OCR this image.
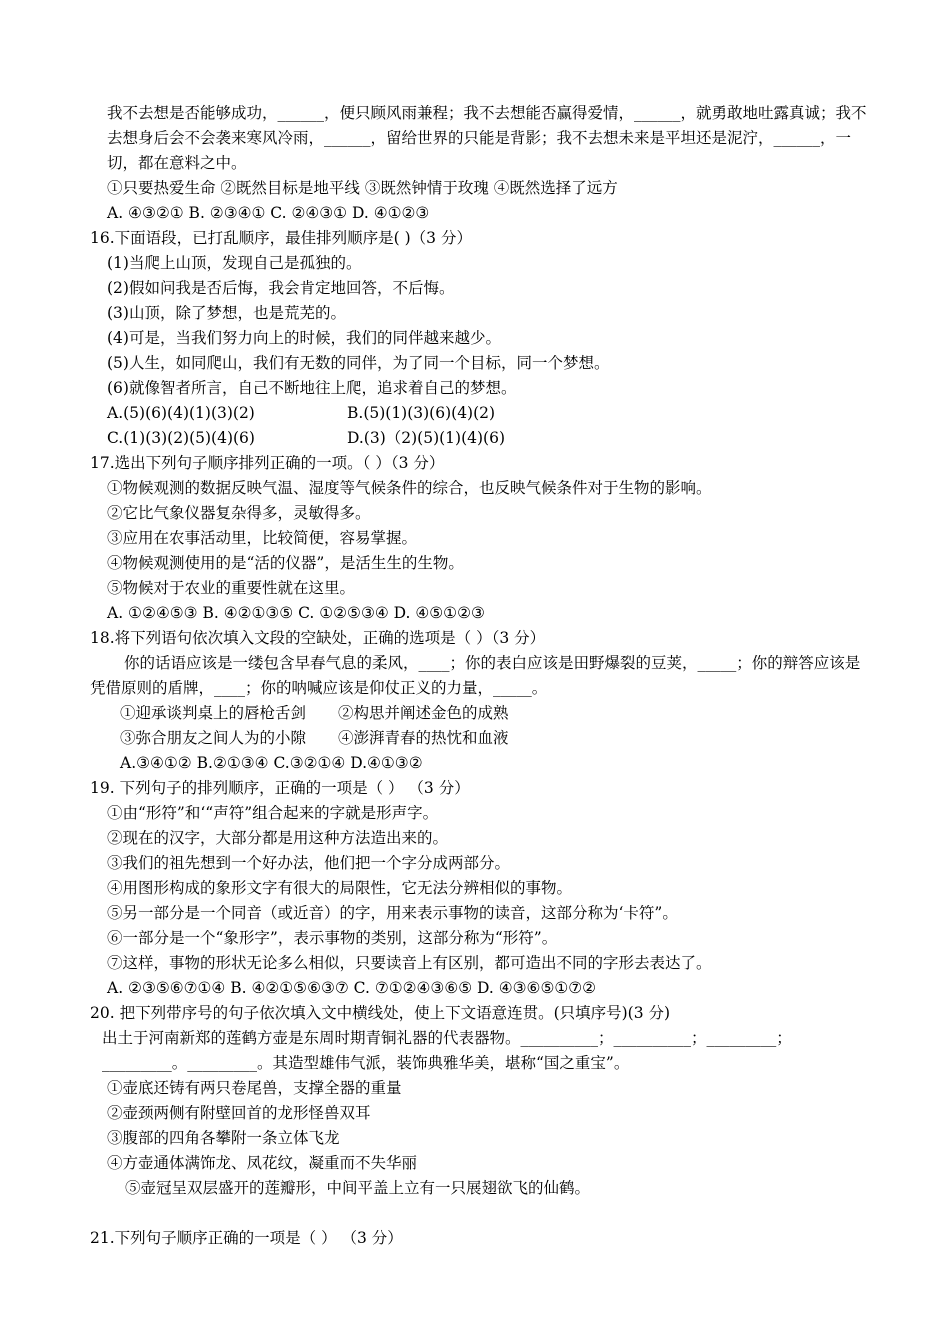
我不去想是否能够成功，______，便只顾风雨兼程；我不去想能否赢得爱情，______，就勇敢地吐露真诚；我不去想身后会不会袭来寒风冷雨，______，留给世界的只能是背影；我不去想未来是平坦还是泥泞，______，一切，都在意料之中。
①只要热爱生命 ②既然目标是地平线 ③既然钟情于玫瑰 ④既然选择了远方
A. ④③②① B. ②③④① C. ②④③① D. ④①②③
16.下面语段，已打乱顺序，最佳排列顺序是( )（3 分）
(1)当爬上山顶，发现自己是孤独的。
(2)假如问我是否后悔，我会肯定地回答，不后悔。
(3)山顶，除了梦想，也是荒芜的。
(4)可是，当我们努力向上的时候，我们的同伴越来越少。
(5)人生，如同爬山，我们有无数的同伴，为了同一个目标，同一个梦想。
(6)就像智者所言，自己不断地往上爬，追求着自己的梦想。
A.(5)(6)(4)(1)(3)(2)	B.(5)(1)(3)(6)(4)(2)
C.(1)(3)(2)(5)(4)(6)	D.(3)（2)(5)(1)(4)(6)
17.选出下列句子顺序排列正确的一项。（ ）（3 分）
①物候观测的数据反映气温、湿度等气候条件的综合，也反映气候条件对于生物的影响。
②它比气象仪器复杂得多，灵敏得多。
③应用在农事活动里，比较简便，容易掌握。
④物候观测使用的是“活的仪器”，是活生生的生物。
⑤物候对于农业的重要性就在这里。
A. ①②④⑤③ B. ④②①③⑤ C. ①②⑤③④ D. ④⑤①②③
18.将下列语句依次填入文段的空缺处，正确的选项是（ ）（3 分）
你的话语应该是一缕包含早春气息的柔风，____；你的表白应该是田野爆裂的豆荚，_____；你的辩答应该是凭借原则的盾牌，____；你的呐喊应该是仰仗正义的力量，_____。
①迎承谈判桌上的唇枪舌剑	②构思并阐述金色的成熟
③弥合朋友之间人为的小隙	④澎湃青春的热忱和血液
A.③④①② B.②①③④ C.③②①④ D.④①③②
19. 下列句子的排列顺序，正确的一项是（ ） （3 分）
①由“形符”和‘“声符”组合起来的字就是形声字。
②现在的汉字，大部分都是用这种方法造出来的。
③我们的祖先想到一个好办法，他们把一个字分成两部分。
④用图形构成的象形文字有很大的局限性，它无法分辨相似的事物。
⑤另一部分是一个同音（或近音）的字，用来表示事物的读音，这部分称为‘卡符”。
⑥一部分是一个“象形字”，表示事物的类别，这部分称为“形符”。
⑦这样，事物的形状无论多么相似，只要读音上有区别，都可造出不同的字形去表达了。
A. ②③⑤⑥⑦①④ B. ④②①⑤⑥③⑦ C. ⑦①②④③⑥⑤ D. ④③⑥⑤①⑦②
20. 把下列带序号的句子依次填入文中横线处，使上下文语意连贯。(只填序号)(3 分)
出土于河南新郑的莲鹤方壶是东周时期青铜礼器的代表器物。__________；__________；_________；_________。_________。其造型雄伟气派，装饰典雅华美，堪称“国之重宝”。
①壶底还铸有两只卷尾兽，支撑全器的重量
②壶颈两侧有附壁回首的龙形怪兽双耳
③腹部的四角各攀附一条立体飞龙
④方壶通体满饰龙、凤花纹，凝重而不失华丽
⑤壶冠呈双层盛开的莲瓣形，中间平盖上立有一只展翅欲飞的仙鹤。
21.下列句子顺序正确的一项是（ ） （3 分）
